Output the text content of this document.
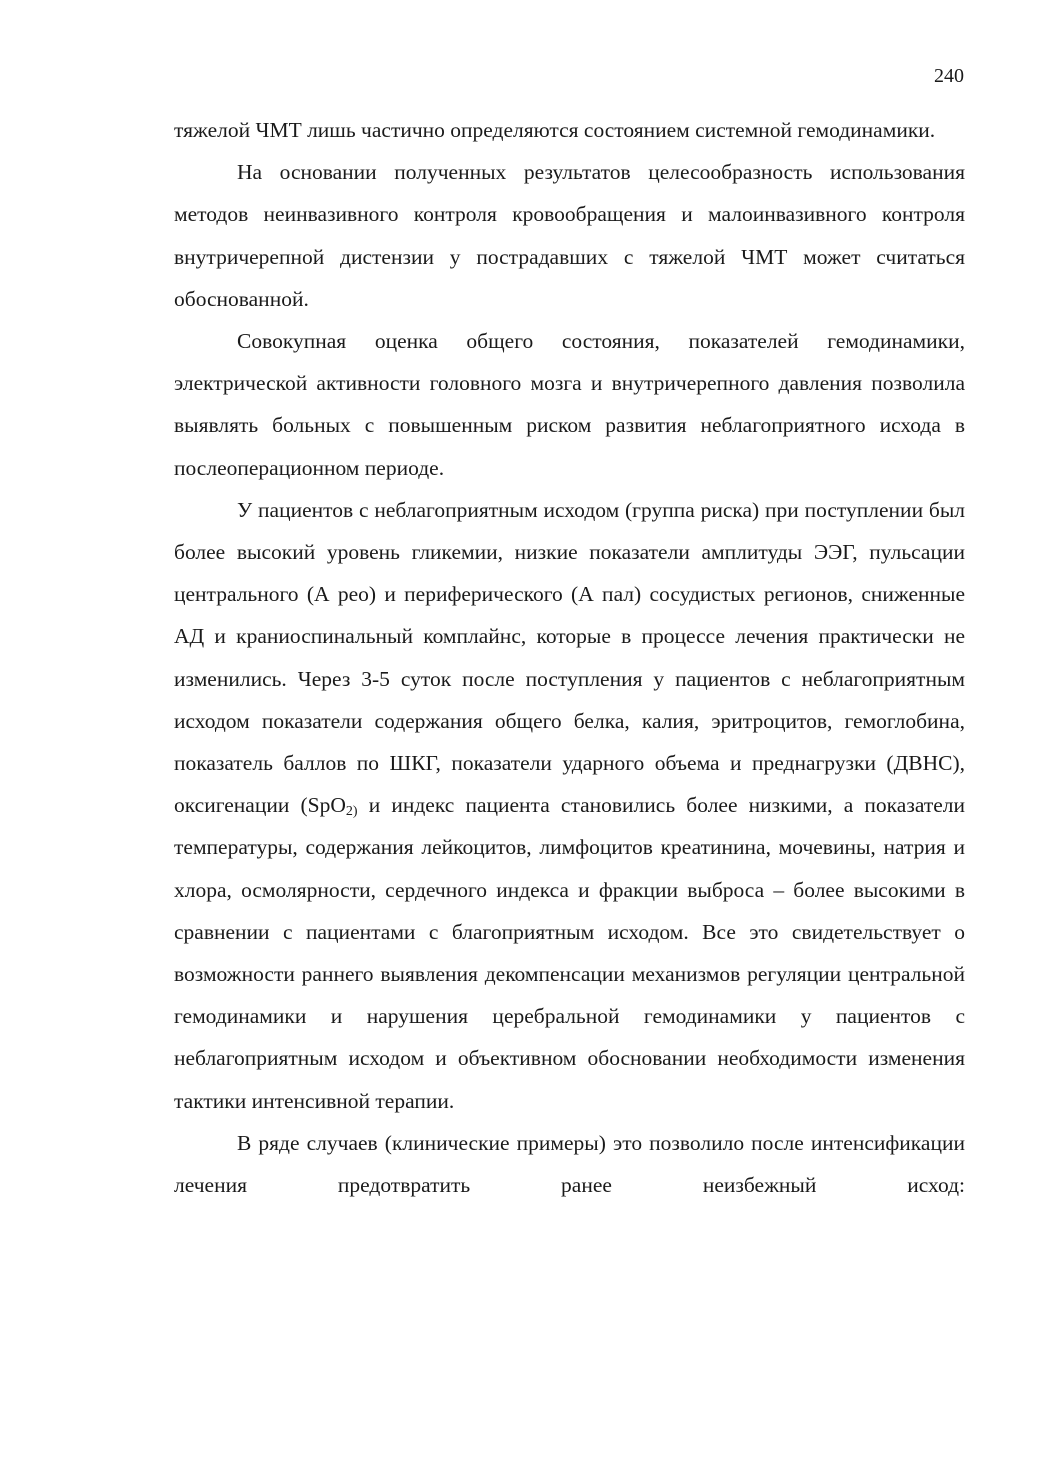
240

тяжелой ЧМТ лишь частично определяются состоянием системной гемодинамики.

На основании полученных результатов целесообразность использования методов неинвазивного контроля кровообращения и малоинвазивного контроля внутричерепной дистензии у пострадавших с тяжелой ЧМТ может считаться обоснованной.

Совокупная оценка общего состояния, показателей гемодинамики, электрической активности головного мозга и внутричерепного давления позволила выявлять больных с повышенным риском развития неблагоприятного исхода в послеоперационном периоде.

У пациентов с неблагоприятным исходом (группа риска) при поступлении был более высокий уровень гликемии, низкие показатели амплитуды ЭЭГ, пульсации центрального (А рео) и периферического (А пал) сосудистых регионов, сниженные АД и краниоспинальный комплайнс, которые в процессе лечения практически не изменились. Через 3-5 суток после поступления у пациентов с неблагоприятным исходом показатели содержания общего белка, калия, эритроцитов, гемоглобина, показатель баллов по ШКГ, показатели ударного объема и преднагрузки (ДВНС), оксигенации (SpO$_{2)}$ и индекс пациента становились более низкими, а показатели температуры, содержания лейкоцитов, лимфоцитов креатинина, мочевины, натрия и хлора, осмолярности, сердечного индекса и фракции выброса – более высокими в сравнении с пациентами с благоприятным исходом. Все это свидетельствует о возможности раннего выявления декомпенсации механизмов регуляции центральной гемодинамики и нарушения церебральной гемодинамики у пациентов с неблагоприятным исходом и объективном обосновании необходимости изменения тактики интенсивной терапии.

В ряде случаев (клинические примеры) это позволило после интенсификации лечения предотвратить ранее неизбежный исход:
